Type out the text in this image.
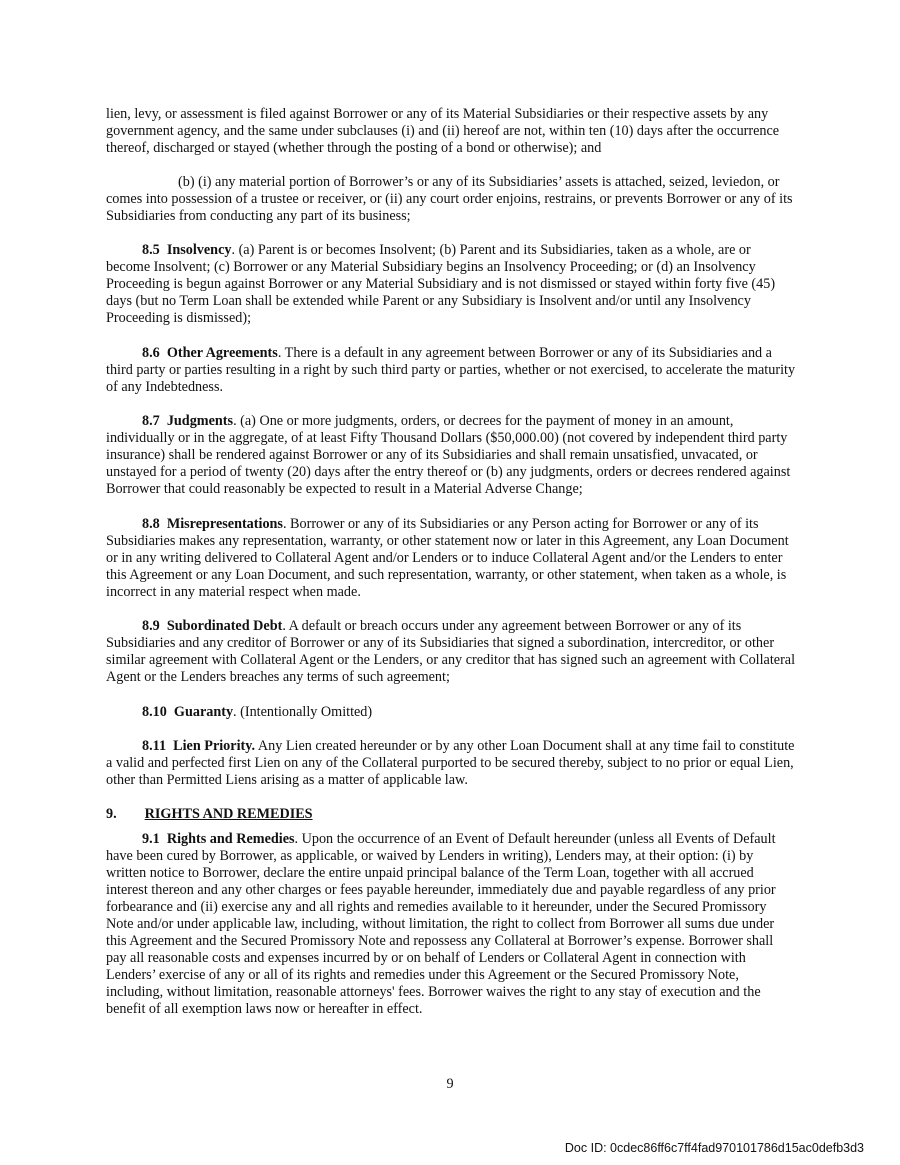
lien, levy, or assessment is filed against Borrower or any of its Material Subsidiaries or their respective assets by any government agency, and the same under subclauses (i) and (ii) hereof are not, within ten (10) days after the occurrence thereof, discharged or stayed (whether through the posting of a bond or otherwise); and

(b) (i) any material portion of Borrower’s or any of its Subsidiaries’ assets is attached, seized, leviedon, or comes into possession of a trustee or receiver, or (ii) any court order enjoins, restrains, or prevents Borrower or any of its Subsidiaries from conducting any part of its business;

8.5 Insolvency. (a) Parent is or becomes Insolvent; (b) Parent and its Subsidiaries, taken as a whole, are or become Insolvent; (c) Borrower or any Material Subsidiary begins an Insolvency Proceeding; or (d) an Insolvency Proceeding is begun against Borrower or any Material Subsidiary and is not dismissed or stayed within forty five (45) days (but no Term Loan shall be extended while Parent or any Subsidiary is Insolvent and/or until any Insolvency Proceeding is dismissed);

8.6 Other Agreements. There is a default in any agreement between Borrower or any of its Subsidiaries and a third party or parties resulting in a right by such third party or parties, whether or not exercised, to accelerate the maturity of any Indebtedness.

8.7 Judgments. (a) One or more judgments, orders, or decrees for the payment of money in an amount, individually or in the aggregate, of at least Fifty Thousand Dollars ($50,000.00) (not covered by independent third party insurance) shall be rendered against Borrower or any of its Subsidiaries and shall remain unsatisfied, unvacated, or unstayed for a period of twenty (20) days after the entry thereof or (b) any judgments, orders or decrees rendered against Borrower that could reasonably be expected to result in a Material Adverse Change;

8.8 Misrepresentations. Borrower or any of its Subsidiaries or any Person acting for Borrower or any of its Subsidiaries makes any representation, warranty, or other statement now or later in this Agreement, any Loan Document or in any writing delivered to Collateral Agent and/or Lenders or to induce Collateral Agent and/or the Lenders to enter this Agreement or any Loan Document, and such representation, warranty, or other statement, when taken as a whole, is incorrect in any material respect when made.

8.9 Subordinated Debt. A default or breach occurs under any agreement between Borrower or any of its Subsidiaries and any creditor of Borrower or any of its Subsidiaries that signed a subordination, intercreditor, or other similar agreement with Collateral Agent or the Lenders, or any creditor that has signed such an agreement with Collateral Agent or the Lenders breaches any terms of such agreement;

8.10 Guaranty. (Intentionally Omitted)

8.11 Lien Priority. Any Lien created hereunder or by any other Loan Document shall at any time fail to constitute a valid and perfected first Lien on any of the Collateral purported to be secured thereby, subject to no prior or equal Lien, other than Permitted Liens arising as a matter of applicable law.

9. RIGHTS AND REMEDIES

9.1 Rights and Remedies. Upon the occurrence of an Event of Default hereunder (unless all Events of Default have been cured by Borrower, as applicable, or waived by Lenders in writing), Lenders may, at their option: (i) by written notice to Borrower, declare the entire unpaid principal balance of the Term Loan, together with all accrued interest thereon and any other charges or fees payable hereunder, immediately due and payable regardless of any prior forbearance and (ii) exercise any and all rights and remedies available to it hereunder, under the Secured Promissory Note and/or under applicable law, including, without limitation, the right to collect from Borrower all sums due under this Agreement and the Secured Promissory Note and repossess any Collateral at Borrower’s expense. Borrower shall pay all reasonable costs and expenses incurred by or on behalf of Lenders or Collateral Agent in connection with Lenders’ exercise of any or all of its rights and remedies under this Agreement or the Secured Promissory Note, including, without limitation, reasonable attorneys' fees. Borrower waives the right to any stay of execution and the benefit of all exemption laws now or hereafter in effect.

9
Doc ID: 0cdec86ff6c7ff4fad970101786d15ac0defb3d3
